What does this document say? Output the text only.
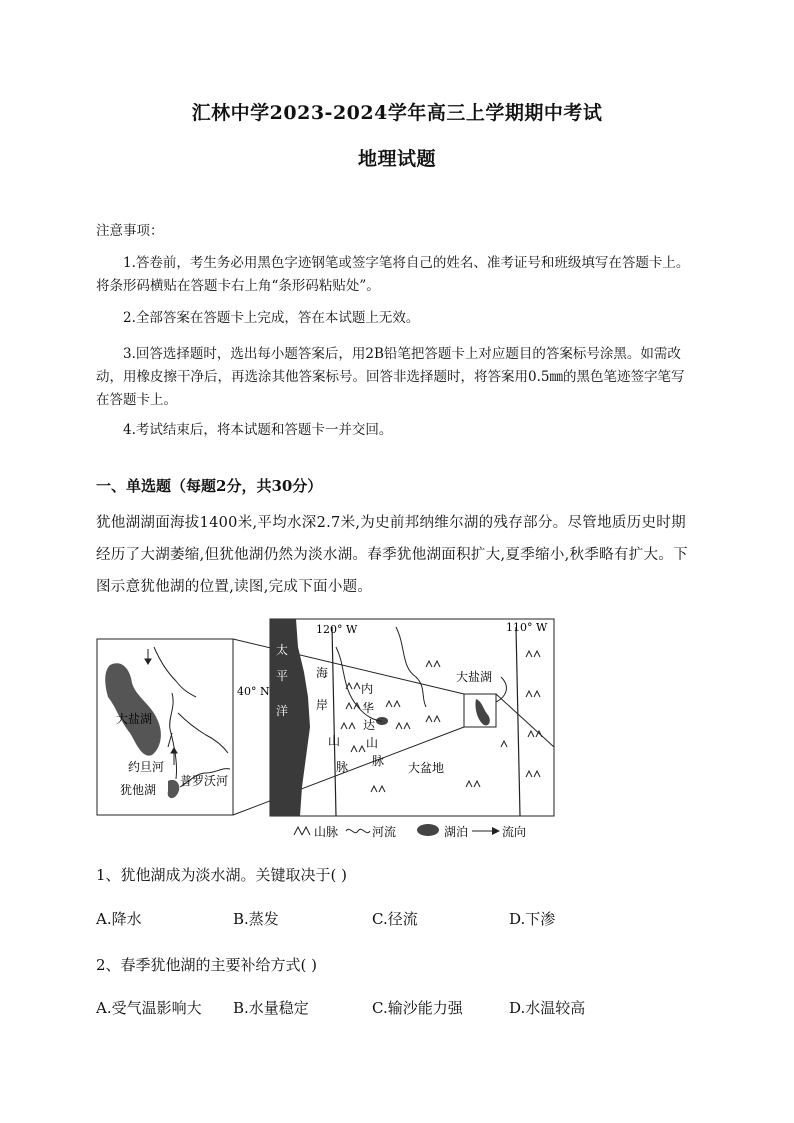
汇林中学2023-2024学年高三上学期期中考试
地理试题
注意事项：
1.答卷前，考生务必用黑色字迹钢笔或签字笔将自己的姓名、准考证号和班级填写在答题卡上。将条形码横贴在答题卡右上角“条形码粘贴处”。
2.全部答案在答题卡上完成，答在本试题上无效。
3.回答选择题时，选出每小题答案后，用2B铅笔把答题卡上对应题目的答案标号涂黑。如需改动，用橡皮擦干净后，再选涂其他答案标号。回答非选择题时，将答案用0.5㎜的黑色笔迹签字笔写在答题卡上。
4.考试结束后，将本试题和答题卡一并交回。
一、单选题（每题2分，共30分）
犹他湖湖面海拔1400米,平均水深2.7米,为史前邦纳维尔湖的残存部分。尽管地质历史时期经历了大湖萎缩,但犹他湖仍然为淡水湖。春季犹他湖面积扩大,夏季缩小,秋季略有扩大。下图示意犹他湖的位置,读图,完成下面小题。
太
平
洋
120° W	110° W
40° N
海
岸
山
脉
内
华
达
山
脉 大盆地
大盐湖
大盐湖
约旦河
犹他湖
普罗沃河
山脉	河流	湖泊	流向
1、犹他湖成为淡水湖。关键取决于( )
A.降水	B.蒸发	C.径流	D.下渗
2、春季犹他湖的主要补给方式( )
A.受气温影响大 B.水量稳定	C.输沙能力强	D.水温较高
